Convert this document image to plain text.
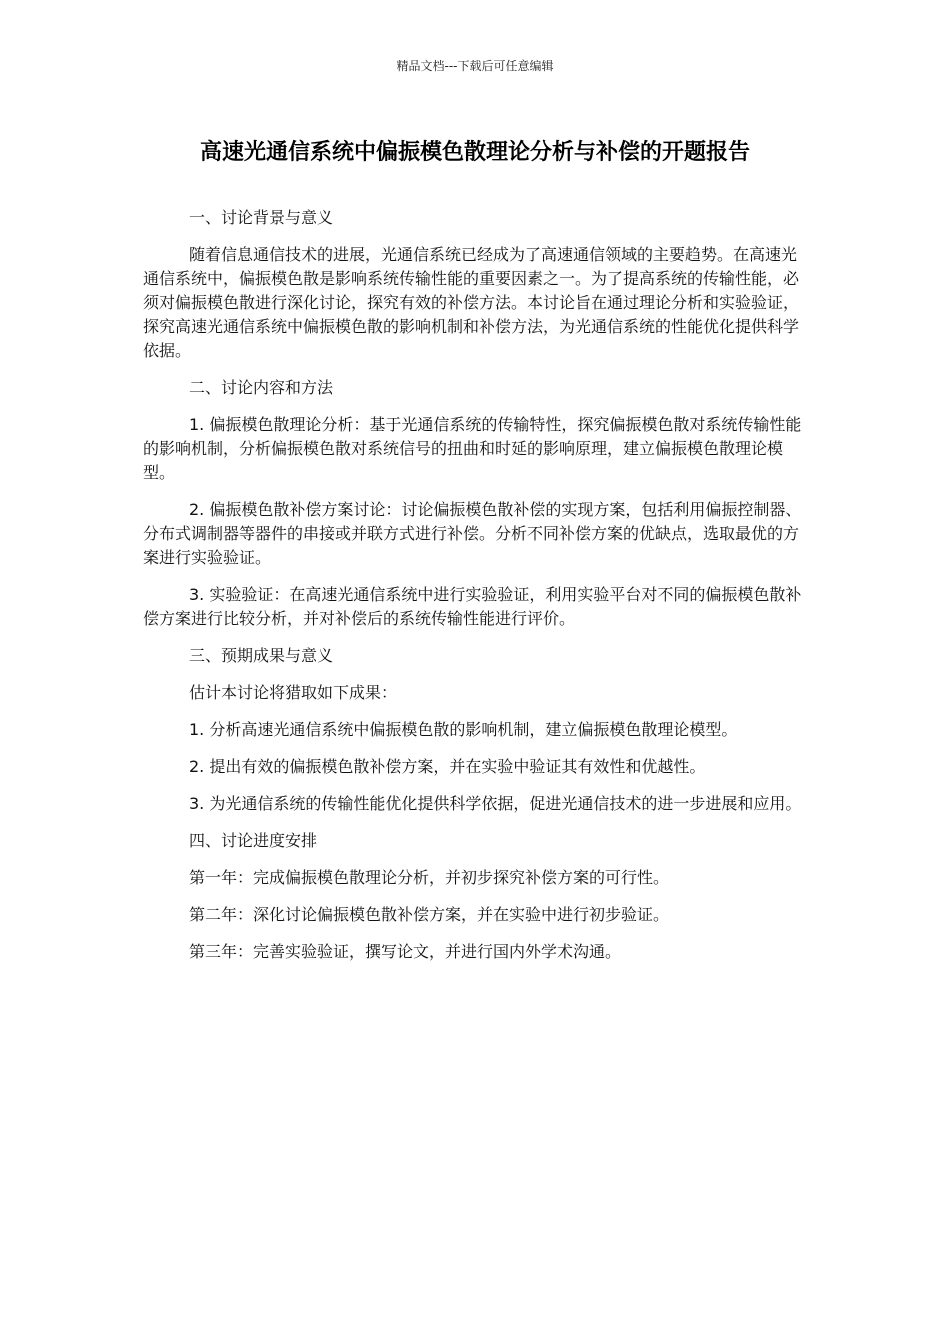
精品文档---下载后可任意编辑
高速光通信系统中偏振模色散理论分析与补偿的开题报告

一、讨论背景与意义

随着信息通信技术的进展，光通信系统已经成为了高速通信领域的主要趋势。在高速光通信系统中，偏振模色散是影响系统传输性能的重要因素之一。为了提高系统的传输性能，必须对偏振模色散进行深化讨论，探究有效的补偿方法。本讨论旨在通过理论分析和实验验证，探究高速光通信系统中偏振模色散的影响机制和补偿方法，为光通信系统的性能优化提供科学依据。

二、讨论内容和方法

1. 偏振模色散理论分析：基于光通信系统的传输特性，探究偏振模色散对系统传输性能的影响机制，分析偏振模色散对系统信号的扭曲和时延的影响原理，建立偏振模色散理论模型。

2. 偏振模色散补偿方案讨论：讨论偏振模色散补偿的实现方案，包括利用偏振控制器、分布式调制器等器件的串接或并联方式进行补偿。分析不同补偿方案的优缺点，选取最优的方案进行实验验证。

3. 实验验证：在高速光通信系统中进行实验验证，利用实验平台对不同的偏振模色散补偿方案进行比较分析，并对补偿后的系统传输性能进行评价。

三、预期成果与意义

估计本讨论将猎取如下成果：

1. 分析高速光通信系统中偏振模色散的影响机制，建立偏振模色散理论模型。

2. 提出有效的偏振模色散补偿方案，并在实验中验证其有效性和优越性。

3. 为光通信系统的传输性能优化提供科学依据，促进光通信技术的进一步进展和应用。

四、讨论进度安排

第一年：完成偏振模色散理论分析，并初步探究补偿方案的可行性。

第二年：深化讨论偏振模色散补偿方案，并在实验中进行初步验证。

第三年：完善实验验证，撰写论文，并进行国内外学术沟通。
